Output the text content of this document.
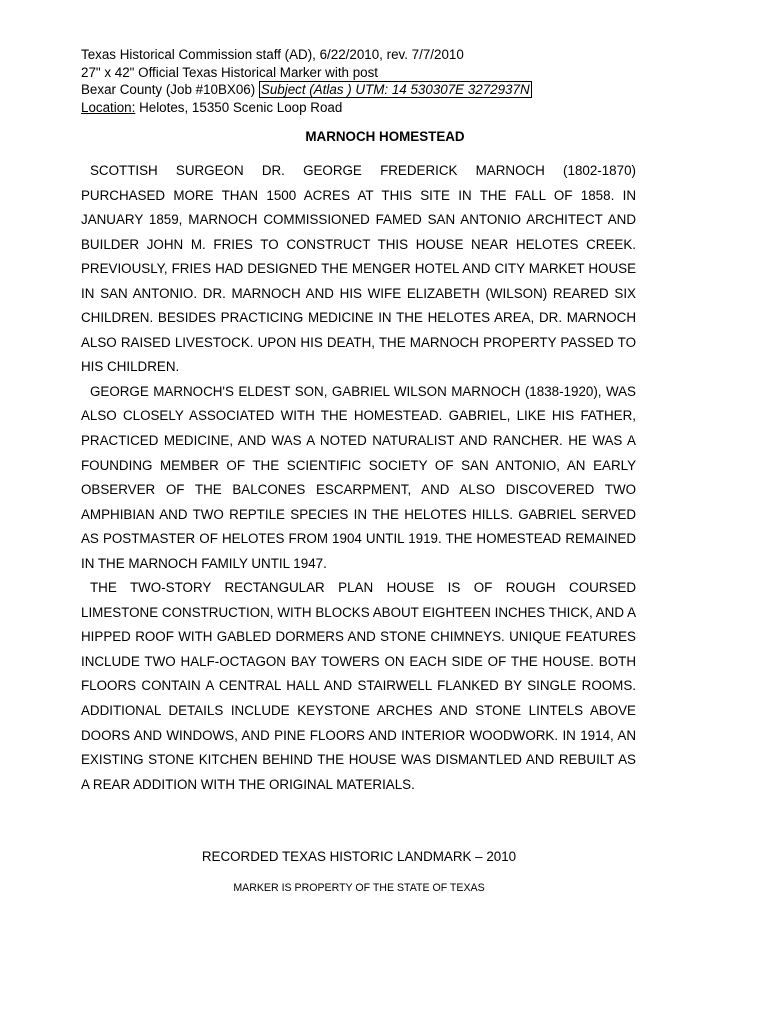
Texas Historical Commission staff (AD), 6/22/2010, rev. 7/7/2010
27" x 42" Official Texas Historical Marker with post
Bexar County (Job #10BX06) Subject (Atlas ) UTM: 14 530307E 3272937N
Location: Helotes, 15350 Scenic Loop Road
MARNOCH HOMESTEAD

SCOTTISH SURGEON DR. GEORGE FREDERICK MARNOCH (1802-1870) PURCHASED MORE THAN 1500 ACRES AT THIS SITE IN THE FALL OF 1858. IN JANUARY 1859, MARNOCH COMMISSIONED FAMED SAN ANTONIO ARCHITECT AND BUILDER JOHN M. FRIES TO CONSTRUCT THIS HOUSE NEAR HELOTES CREEK. PREVIOUSLY, FRIES HAD DESIGNED THE MENGER HOTEL AND CITY MARKET HOUSE IN SAN ANTONIO. DR. MARNOCH AND HIS WIFE ELIZABETH (WILSON) REARED SIX CHILDREN. BESIDES PRACTICING MEDICINE IN THE HELOTES AREA, DR. MARNOCH ALSO RAISED LIVESTOCK. UPON HIS DEATH, THE MARNOCH PROPERTY PASSED TO HIS CHILDREN.

GEORGE MARNOCH'S ELDEST SON, GABRIEL WILSON MARNOCH (1838-1920), WAS ALSO CLOSELY ASSOCIATED WITH THE HOMESTEAD. GABRIEL, LIKE HIS FATHER, PRACTICED MEDICINE, AND WAS A NOTED NATURALIST AND RANCHER. HE WAS A FOUNDING MEMBER OF THE SCIENTIFIC SOCIETY OF SAN ANTONIO, AN EARLY OBSERVER OF THE BALCONES ESCARPMENT, AND ALSO DISCOVERED TWO AMPHIBIAN AND TWO REPTILE SPECIES IN THE HELOTES HILLS. GABRIEL SERVED AS POSTMASTER OF HELOTES FROM 1904 UNTIL 1919. THE HOMESTEAD REMAINED IN THE MARNOCH FAMILY UNTIL 1947.

THE TWO-STORY RECTANGULAR PLAN HOUSE IS OF ROUGH COURSED LIMESTONE CONSTRUCTION, WITH BLOCKS ABOUT EIGHTEEN INCHES THICK, AND A HIPPED ROOF WITH GABLED DORMERS AND STONE CHIMNEYS. UNIQUE FEATURES INCLUDE TWO HALF-OCTAGON BAY TOWERS ON EACH SIDE OF THE HOUSE. BOTH FLOORS CONTAIN A CENTRAL HALL AND STAIRWELL FLANKED BY SINGLE ROOMS. ADDITIONAL DETAILS INCLUDE KEYSTONE ARCHES AND STONE LINTELS ABOVE DOORS AND WINDOWS, AND PINE FLOORS AND INTERIOR WOODWORK. IN 1914, AN EXISTING STONE KITCHEN BEHIND THE HOUSE WAS DISMANTLED AND REBUILT AS A REAR ADDITION WITH THE ORIGINAL MATERIALS.

RECORDED TEXAS HISTORIC LANDMARK – 2010
MARKER IS PROPERTY OF THE STATE OF TEXAS
